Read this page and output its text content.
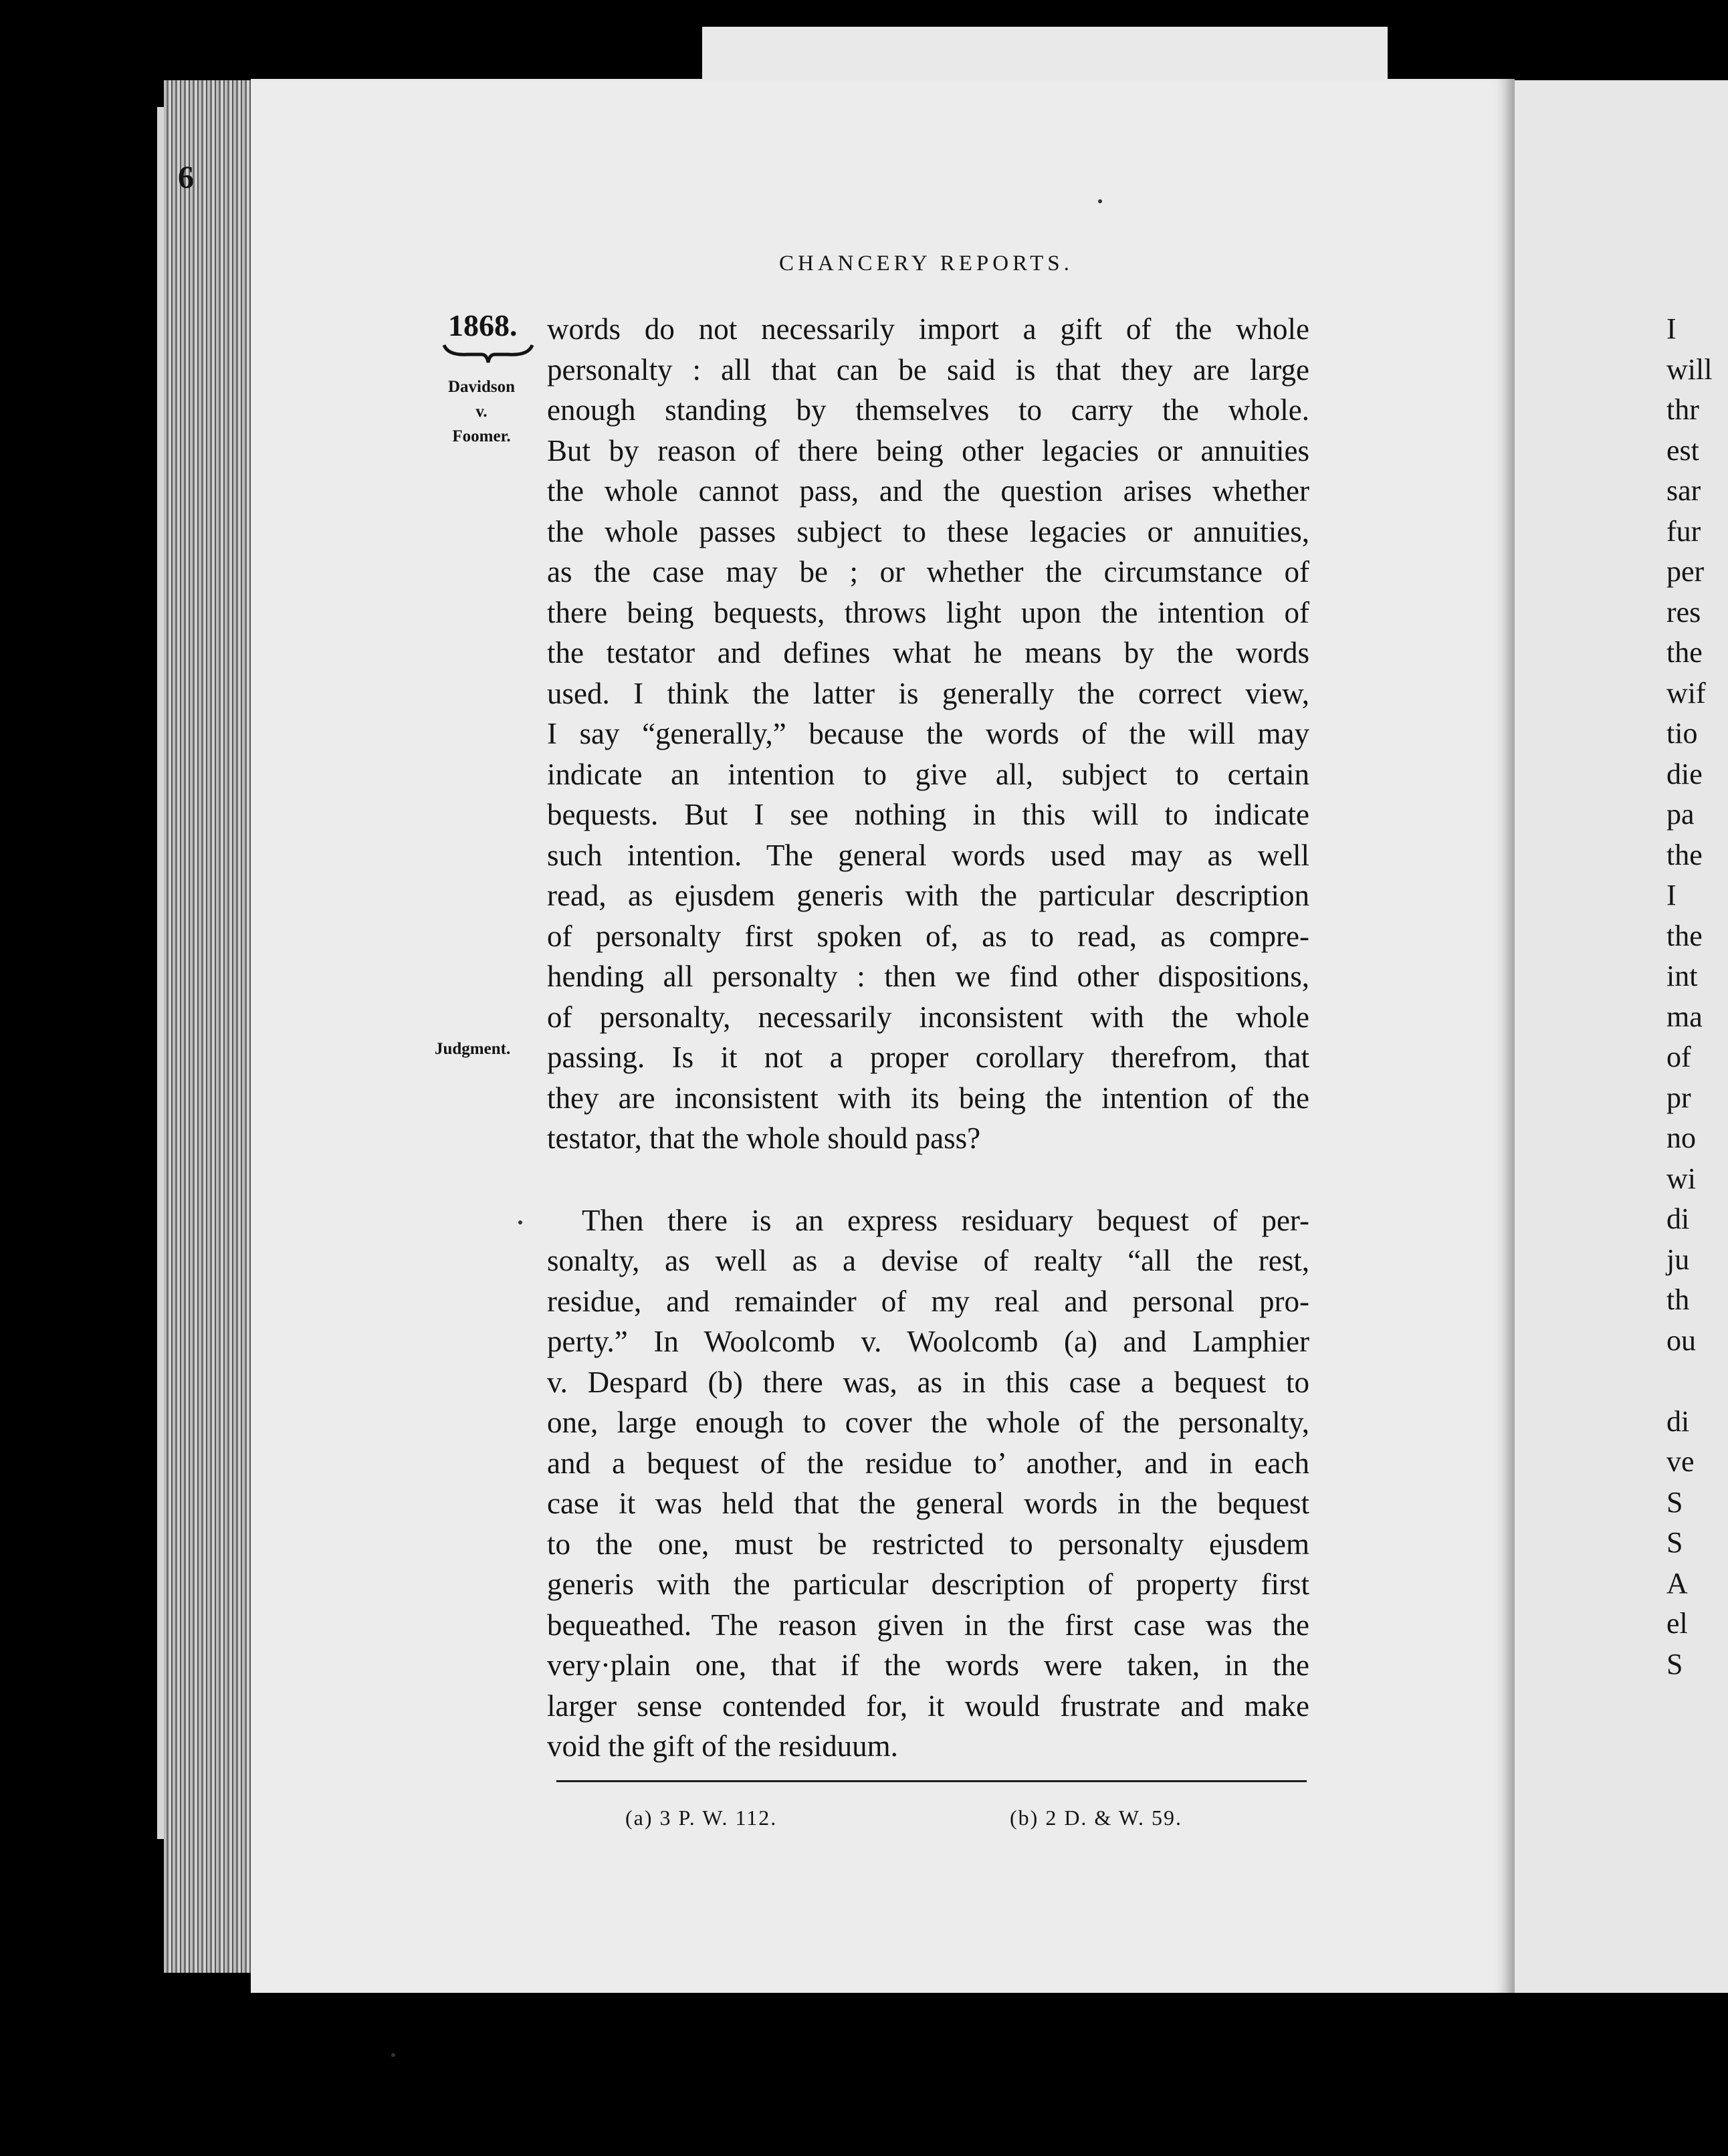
6
CHANCERY REPORTS.
1868.
Davidson
v.
Foomer.
Judgment.
words do not necessarily import a gift of the whole
personalty : all that can be said is that they are large
enough standing by themselves to carry the whole.
But by reason of there being other legacies or annuities
the whole cannot pass, and the question arises whether
the whole passes subject to these legacies or annuities,
as the case may be ; or whether the circumstance of
there being bequests, throws light upon the intention of
the testator and defines what he means by the words
used. I think the latter is generally the correct view,
I say “generally,” because the words of the will may
indicate an intention to give all, subject to certain
bequests. But I see nothing in this will to indicate
such intention. The general words used may as well
read, as ejusdem generis with the particular description
of personalty first spoken of, as to read, as compre-
hending all personalty : then we find other dispositions,
of personalty, necessarily inconsistent with the whole
passing. Is it not a proper corollary therefrom, that
they are inconsistent with its being the intention of the
testator, that the whole should pass?
Then there is an express residuary bequest of per-
sonalty, as well as a devise of realty “all the rest,
residue, and remainder of my real and personal pro-
perty.” In Woolcomb v. Woolcomb (a) and Lamphier
v. Despard (b) there was, as in this case a bequest to
one, large enough to cover the whole of the personalty,
and a bequest of the residue to’ another, and in each
case it was held that the general words in the bequest
to the one, must be restricted to personalty ejusdem
generis with the particular description of property first
bequeathed. The reason given in the first case was the
very·plain one, that if the words were taken, in the
larger sense contended for, it would frustrate and make
void the gift of the residuum.
(a) 3 P. W. 112.	(b) 2 D. & W. 59.
I
will
thr
est
sar
fur
per
res
the
wif
tio
die
pa
the
I
the
int
ma
of
pr
no
wi
di
ju
th
ou

di
ve
S
S
A
el
S
